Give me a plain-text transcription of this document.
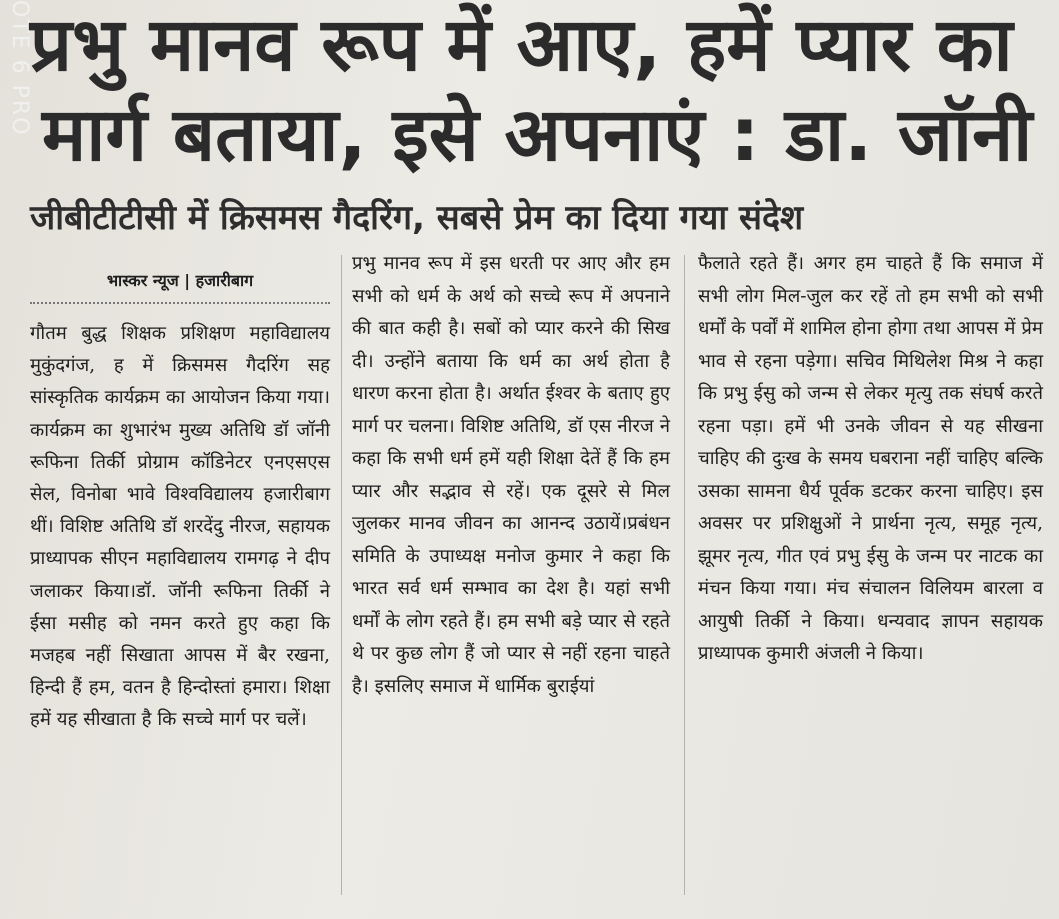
OTE 6 PRO
प्रभु मानव रूप में आए, हमें प्यार का
मार्ग बताया, इसे अपनाएं : डा. जॉनी
जीबीटीटीसी में क्रिसमस गैदरिंग, सबसे प्रेम का दिया गया संदेश
भास्कर न्यूज | हजारीबाग

गौतम बुद्ध शिक्षक प्रशिक्षण महाविद्यालय मुकुंदगंज, ह में क्रिसमस गैदरिंग सह सांस्कृतिक कार्यक्रम का आयोजन किया गया। कार्यक्रम का शुभारंभ मुख्य अतिथि डॉ जॉनी रूफिना तिर्की प्रोग्राम कॉडिनेटर एनएसएस सेल, विनोबा भावे विश्वविद्यालय हजारीबाग थीं। विशिष्ट अतिथि डॉ शरदेंदु नीरज, सहायक प्राध्यापक सीएन महाविद्यालय रामगढ़ ने दीप जलाकर किया।डॉ. जॉनी रूफिना तिर्की ने ईसा मसीह को नमन करते हुए कहा कि मजहब नहीं सिखाता आपस में बैर रखना, हिन्दी हैं हम, वतन है हिन्दोस्तां हमारा। शिक्षा हमें यह सीखाता है कि सच्चे मार्ग पर चलें।

प्रभु मानव रूप में इस धरती पर आए और हम सभी को धर्म के अर्थ को सच्चे रूप में अपनाने की बात कही है। सबों को प्यार करने की सिख दी। उन्होंने बताया कि धर्म का अर्थ होता है धारण करना होता है। अर्थात ईश्वर के बताए हुए मार्ग पर चलना। विशिष्ट अतिथि, डॉ एस नीरज ने कहा कि सभी धर्म हमें यही शिक्षा देतें हैं कि हम प्यार और सद्भाव से रहें। एक दूसरे से मिल जुलकर मानव जीवन का आनन्द उठायें।प्रबंधन समिति के उपाध्यक्ष मनोज कुमार ने कहा कि भारत सर्व धर्म सम्भाव का देश है। यहां सभी धर्मों के लोग रहते हैं। हम सभी बड़े प्यार से रहते थे पर कुछ लोग हैं जो प्यार से नहीं रहना चाहते है। इसलिए समाज में धार्मिक बुराईयां

फैलाते रहते हैं। अगर हम चाहते हैं कि समाज में सभी लोग मिल-जुल कर रहें तो हम सभी को सभी धर्मों के पर्वों में शामिल होना होगा तथा आपस में प्रेम भाव से रहना पड़ेगा। सचिव मिथिलेश मिश्र ने कहा कि प्रभु ईसु को जन्म से लेकर मृत्यु तक संघर्ष करते रहना पड़ा। हमें भी उनके जीवन से यह सीखना चाहिए की दुःख के समय घबराना नहीं चाहिए बल्कि उसका सामना धैर्य पूर्वक डटकर करना चाहिए। इस अवसर पर प्रशिक्षुओं ने प्रार्थना नृत्य, समूह नृत्य, झूमर नृत्य, गीत एवं प्रभु ईसु के जन्म पर नाटक का मंचन किया गया। मंच संचालन विलियम बारला व आयुषी तिर्की ने किया। धन्यवाद ज्ञापन सहायक प्राध्यापक कुमारी अंजली ने किया।
